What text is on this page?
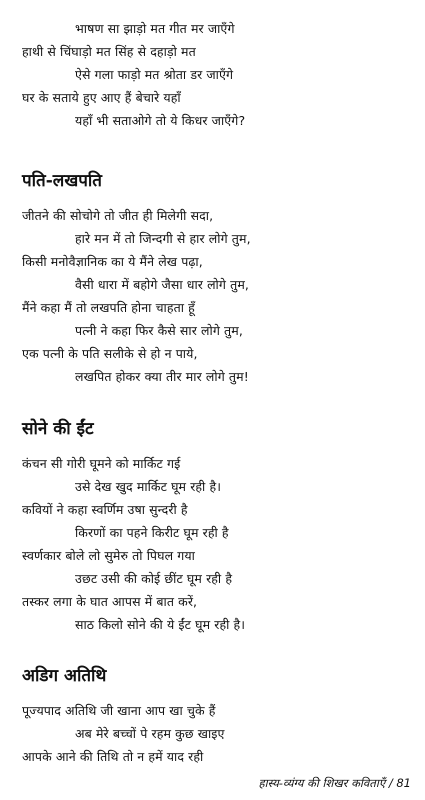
भाषण सा झाड़ो मत गीत मर जाएँगे
हाथी से चिंघाड़ो मत सिंह से दहाड़ो मत
ऐसे गला फाड़ो मत श्रोता डर जाएँगे
घर के सताये हुए आए हैं बेचारे यहाँ
यहाँ भी सताओगे तो ये किधर जाएँगे?
पति-लखपति
जीतने की सोचोगे तो जीत ही मिलेगी सदा,
हारे मन में तो जिन्दगी से हार लोगे तुम,
किसी मनोवैज्ञानिक का ये मैंने लेख पढ़ा,
वैसी धारा में बहोगे जैसा धार लोगे तुम,
मैंने कहा मैं तो लखपति होना चाहता हूँ
पत्नी ने कहा फिर कैसे सार लोगे तुम,
एक पत्नी के पति सलीके से हो न पाये,
लखपित होकर क्या तीर मार लोगे तुम!
सोने की ईंट
कंचन सी गोरी घूमने को मार्किट गई
उसे देख खुद मार्किट घूम रही है।
कवियों ने कहा स्वर्णिम उषा सुन्दरी है
किरणों का पहने किरीट घूम रही है
स्वर्णकार बोले लो सुमेरु तो पिघल गया
उछट उसी की कोई छींट घूम रही है
तस्कर लगा के घात आपस में बात करें,
साठ किलो सोने की ये ईंट घूम रही है।
अडिग अतिथि
पूज्यपाद अतिथि जी खाना आप खा चुके हैं
अब मेरे बच्चों पे रहम कुछ खाइए
आपके आने की तिथि तो न हमें याद रही
हास्य-व्यंग्य की शिखर कविताएँ / 81
